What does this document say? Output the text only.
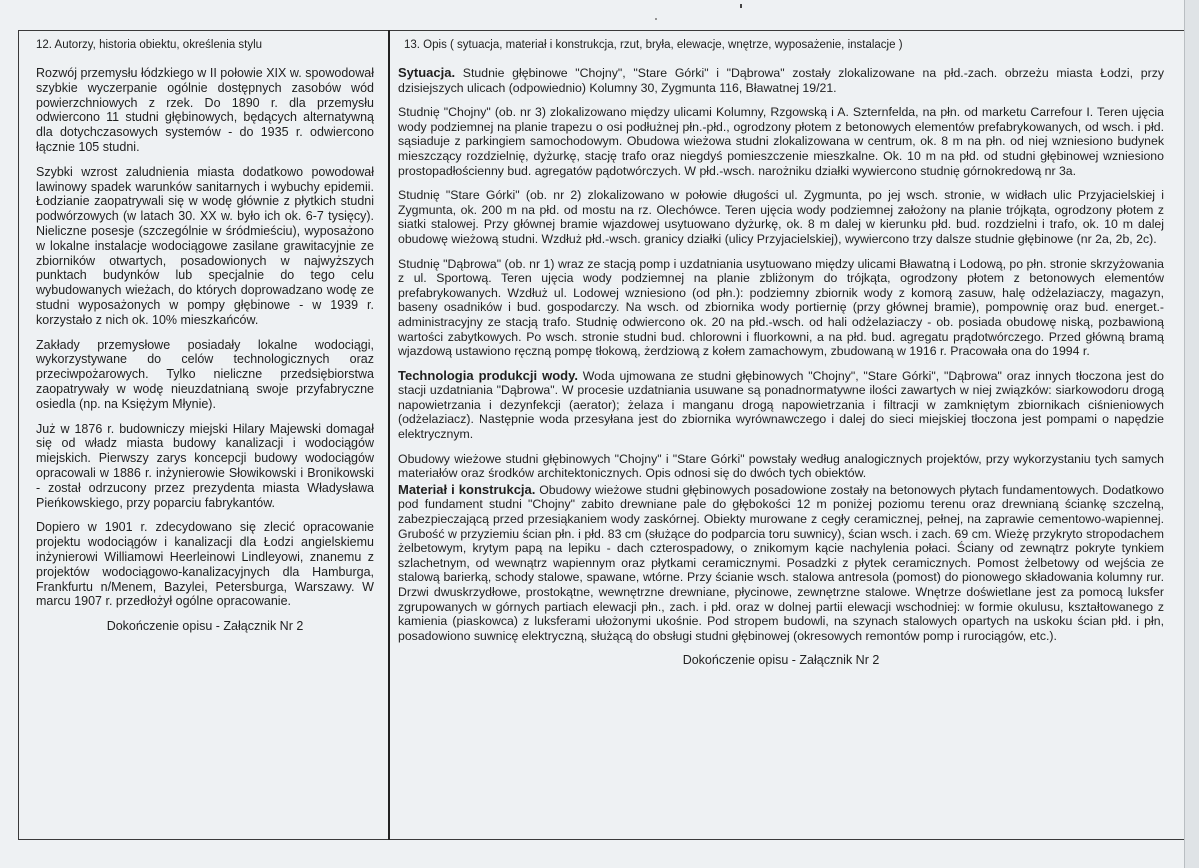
12. Autorzy, historia obiektu, określenia stylu

Rozwój przemysłu łódzkiego w II połowie XIX w. spowodował szybkie wyczerpanie ogólnie dostępnych zasobów wód powierzchniowych z rzek. Do 1890 r. dla przemysłu odwiercono 11 studni głębinowych, będących alternatywną dla dotychczasowych systemów - do 1935 r. odwiercono łącznie 105 studni.

Szybki wzrost zaludnienia miasta dodatkowo powodował lawinowy spadek warunków sanitarnych i wybuchy epidemii. Łodzianie zaopatrywali się w wodę głównie z płytkich studni podwórzowych (w latach 30. XX w. było ich ok. 6-7 tysięcy). Nieliczne posesje (szczególnie w śródmieściu), wyposażono w lokalne instalacje wodociągowe zasilane grawitacyjnie ze zbiorników otwartych, posadowionych w najwyższych punktach budynków lub specjalnie do tego celu wybudowanych wieżach, do których doprowadzano wodę ze studni wyposażonych w pompy głębinowe - w 1939 r. korzystało z nich ok. 10% mieszkańców.

Zakłady przemysłowe posiadały lokalne wodociągi, wykorzystywane do celów technologicznych oraz przeciwpożarowych. Tylko nieliczne przedsiębiorstwa zaopatrywały w wodę nieuzdatnianą swoje przyfabryczne osiedla (np. na Księżym Młynie).

Już w 1876 r. budowniczy miejski Hilary Majewski domagał się od władz miasta budowy kanalizacji i wodociągów miejskich. Pierwszy zarys koncepcji budowy wodociągów opracowali w 1886 r. inżynierowie Słowikowski i Bronikowski - został odrzucony przez prezydenta miasta Władysława Pieńkowskiego, przy poparciu fabrykantów.

Dopiero w 1901 r. zdecydowano się zlecić opracowanie projektu wodociągów i kanalizacji dla Łodzi angielskiemu inżynierowi Williamowi Heerleinowi Lindleyowi, znanemu z projektów wodociągowo-kanalizacyjnych dla Hamburga, Frankfurtu n/Menem, Bazylei, Petersburga, Warszawy. W marcu 1907 r. przedłożył ogólne opracowanie.

Dokończenie opisu - Załącznik Nr 2
13. Opis ( sytuacja, materiał i konstrukcja, rzut, bryła, elewacje, wnętrze, wyposażenie, instalacje )

Sytuacja. Studnie głębinowe "Chojny", "Stare Górki" i "Dąbrowa" zostały zlokalizowane na płd.-zach. obrzeżu miasta Łodzi, przy dzisiejszych ulicach (odpowiednio) Kolumny 30, Zygmunta 116, Bławatnej 19/21.

Studnię "Chojny" (ob. nr 3) zlokalizowano między ulicami Kolumny, Rzgowską i A. Szternfelda, na płn. od marketu Carrefour I. Teren ujęcia wody podziemnej na planie trapezu o osi podłużnej płn.-płd., ogrodzony płotem z betonowych elementów prefabrykowanych, od wsch. i płd. sąsiaduje z parkingiem samochodowym. Obudowa wieżowa studni zlokalizowana w centrum, ok. 8 m na płn. od niej wzniesiono budynek mieszczący rozdzielnię, dyżurkę, stację trafo oraz niegdyś pomieszczenie mieszkalne. Ok. 10 m na płd. od studni głębinowej wzniesiono prostopadłościenny bud. agregatów pądotwórczych. W płd.-wsch. narożniku działki wywiercono studnię górnokredową nr 3a.

Studnię "Stare Górki" (ob. nr 2) zlokalizowano w połowie długości ul. Zygmunta, po jej wsch. stronie, w widłach ulic Przyjacielskiej i Zygmunta, ok. 200 m na płd. od mostu na rz. Olechówce. Teren ujęcia wody podziemnej założony na planie trójkąta, ogrodzony płotem z siatki stalowej. Przy głównej bramie wjazdowej usytuowano dyżurkę, ok. 8 m dalej w kierunku płd. bud. rozdzielni i trafo, ok. 10 m dalej obudowę wieżową studni. Wzdłuż płd.-wsch. granicy działki (ulicy Przyjacielskiej), wywiercono trzy dalsze studnie głębinowe (nr 2a, 2b, 2c).

Studnię "Dąbrowa" (ob. nr 1) wraz ze stacją pomp i uzdatniania usytuowano między ulicami Bławatną i Lodową, po płn. stronie skrzyżowania z ul. Sportową. Teren ujęcia wody podziemnej na planie zbliżonym do trójkąta, ogrodzony płotem z betonowych elementów prefabrykowanych. Wzdłuż ul. Lodowej wzniesiono (od płn.): podziemny zbiornik wody z komorą zasuw, halę odżelaziaczy, magazyn, baseny osadników i bud. gospodarczy. Na wsch. od zbiornika wody portiernię (przy głównej bramie), pompownię oraz bud. energet.-administracyjny ze stacją trafo. Studnię odwiercono ok. 20 na płd.-wsch. od hali odżelaziaczy - ob. posiada obudowę niską, pozbawioną wartości zabytkowych. Po wsch. stronie studni bud. chlorowni i fluorkowni, a na płd. bud. agregatu prądotwórczego. Przed główną bramą wjazdową ustawiono ręczną pompę tłokową, żerdziową z kołem zamachowym, zbudowaną w 1916 r. Pracowała ona do 1994 r.

Technologia produkcji wody. Woda ujmowana ze studni głębinowych "Chojny", "Stare Górki", "Dąbrowa" oraz innych tłoczona jest do stacji uzdatniania "Dąbrowa". W procesie uzdatniania usuwane są ponadnormatywne ilości zawartych w niej związków: siarkowodoru drogą napowietrzania i dezynfekcji (aerator); żelaza i manganu drogą napowietrzania i filtracji w zamkniętym zbiornikach ciśnieniowych (odżelaziacz). Następnie woda przesyłana jest do zbiornika wyrównawczego i dalej do sieci miejskiej tłoczona jest pompami o napędzie elektrycznym.

Obudowy wieżowe studni głębinowych "Chojny" i "Stare Górki" powstały według analogicznych projektów, przy wykorzystaniu tych samych materiałów oraz środków architektonicznych. Opis odnosi się do dwóch tych obiektów.

Materiał i konstrukcja. Obudowy wieżowe studni głębinowych posadowione zostały na betonowych płytach fundamentowych. Dodatkowo pod fundament studni "Chojny" zabito drewniane pale do głębokości 12 m poniżej poziomu terenu oraz drewnianą ściankę szczelną, zabezpieczającą przed przesiąkaniem wody zaskórnej. Obiekty murowane z cegły ceramicznej, pełnej, na zaprawie cementowo-wapiennej. Grubość w przyziemiu ścian płn. i płd. 83 cm (służące do podparcia toru suwnicy), ścian wsch. i zach. 69 cm. Wieżę przykryto stropodachem żelbetowym, krytym papą na lepiku - dach czterospadowy, o znikomym kącie nachylenia połaci. Ściany od zewnątrz pokryte tynkiem szlachetnym, od wewnątrz wapiennym oraz płytkami ceramicznymi. Posadzki z płytek ceramicznych. Pomost żelbetowy od wejścia ze stalową barierką, schody stalowe, spawane, wtórne. Przy ścianie wsch. stalowa antresola (pomost) do pionowego składowania kolumny rur. Drzwi dwuskrzydłowe, prostokątne, wewnętrzne drewniane, płycinowe, zewnętrzne stalowe. Wnętrze doświetlane jest za pomocą luksfer zgrupowanych w górnych partiach elewacji płn., zach. i płd. oraz w dolnej partii elewacji wschodniej: w formie okulusu, kształtowanego z kamienia (piaskowca) z luksferami ułożonymi ukośnie. Pod stropem budowli, na szynach stalowych opartych na uskoku ścian płd. i płn, posadowiono suwnicę elektryczną, służącą do obsługi studni głębinowej (okresowych remontów pomp i rurociągów, etc.).

Dokończenie opisu - Załącznik Nr 2
